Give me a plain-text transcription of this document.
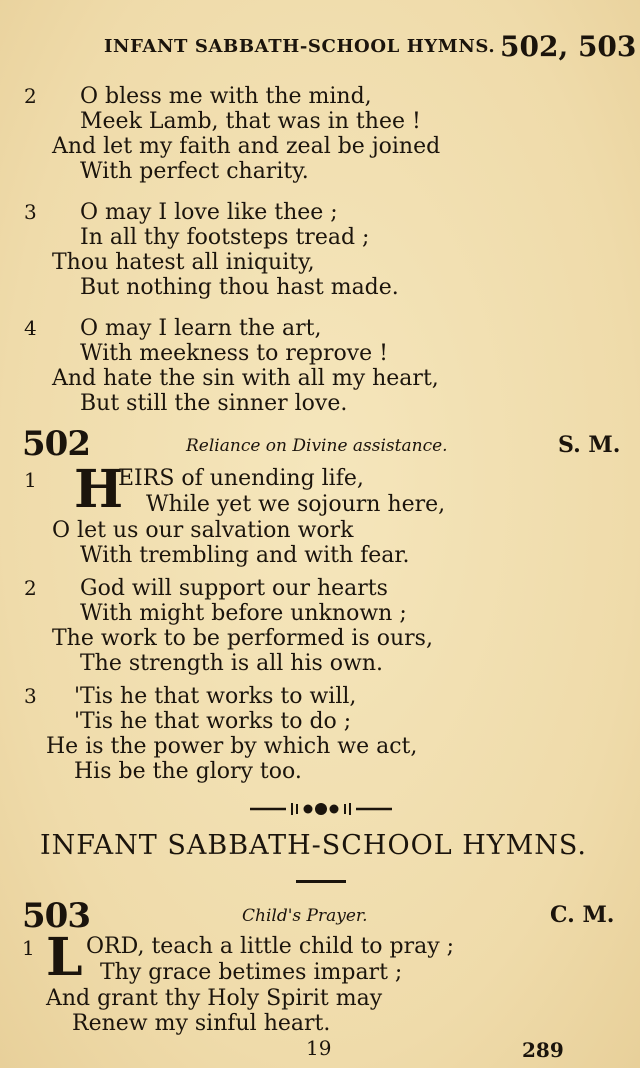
INFANT SABBATH-SCHOOL HYMNS. 502, 503
2 O bless me with the mind,
Meek Lamb, that was in thee !
And let my faith and zeal be joined
With perfect charity.
3 O may I love like thee ;
In all thy footsteps tread ;
Thou hatest all iniquity,
But nothing thou hast made.
4 O may I learn the art,
With meekness to reprove !
And hate the sin with all my heart,
But still the sinner love.
502	Reliance on Divine assistance.	S. M.
1 H
EIRS of unending life,
While yet we sojourn here,
O let us our salvation work
With trembling and with fear.
2 God will support our hearts
With might before unknown ;
The work to be performed is ours,
The strength is all his own.
3 'Tis he that works to will,
'Tis he that works to do ;
He is the power by which we act,
His be the glory too.
INFANT SABBATH-SCHOOL HYMNS.
503	Child's Prayer.	C. M.
1 L ORD, teach a little child to pray ;
Thy grace betimes impart ;
And grant thy Holy Spirit may
Renew my sinful heart.
19	289
